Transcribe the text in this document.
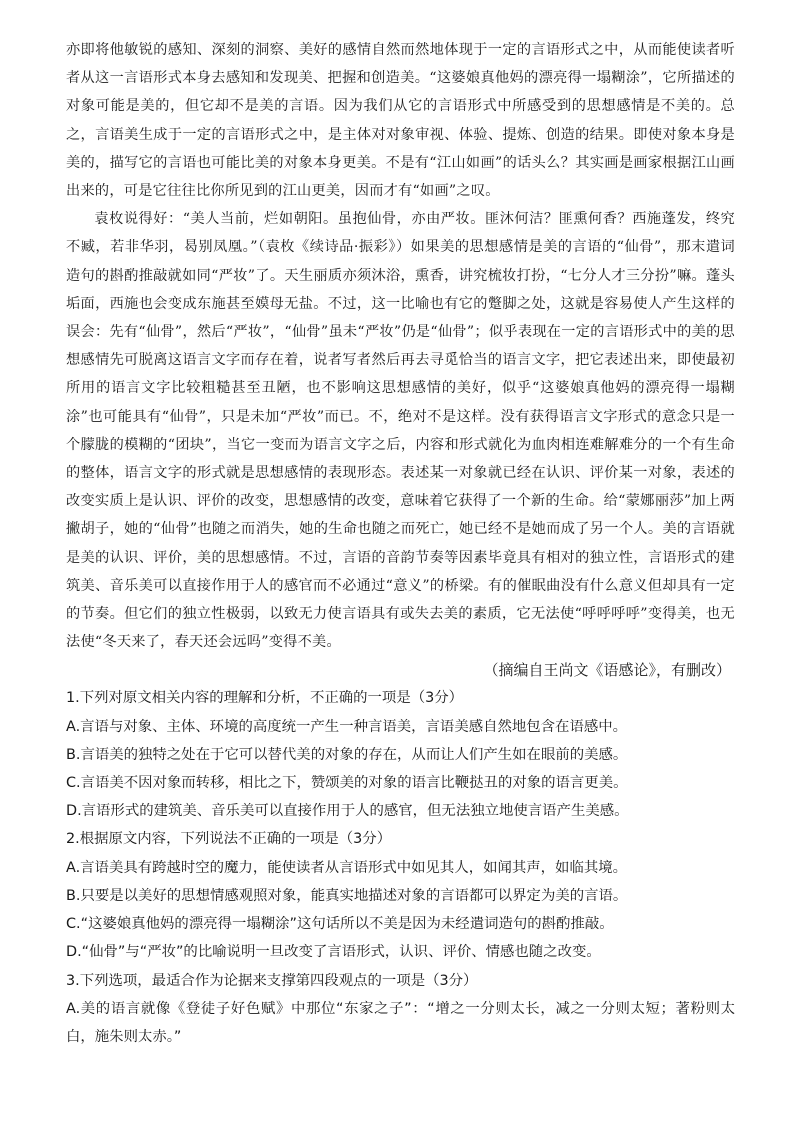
亦即将他敏锐的感知、深刻的洞察、美好的感情自然而然地体现于一定的言语形式之中，从而能使读者听者从这一言语形式本身去感知和发现美、把握和创造美。“这婆娘真他妈的漂亮得一塌糊涂”，它所描述的对象可能是美的，但它却不是美的言语。因为我们从它的言语形式中所感受到的思想感情是不美的。总之，言语美生成于一定的言语形式之中，是主体对对象审视、体验、提炼、创造的结果。即使对象本身是美的，描写它的言语也可能比美的对象本身更美。不是有“江山如画”的话头么？其实画是画家根据江山画出来的，可是它往往比你所见到的江山更美，因而才有“如画”之叹。

袁枚说得好：“美人当前，烂如朝阳。虽抱仙骨，亦由严妆。匪沐何洁？匪熏何香？西施蓬发，终究不臧，若非华羽，曷别凤凰。”（袁枚《续诗品·振彩》）如果美的思想感情是美的言语的“仙骨”，那末遣词造句的斟酌推敲就如同“严妆”了。天生丽质亦须沐浴，熏香，讲究梳妆打扮，“七分人才三分扮”嘛。蓬头垢面，西施也会变成东施甚至嫫母无盐。不过，这一比喻也有它的蹩脚之处，这就是容易使人产生这样的误会：先有“仙骨”，然后“严妆”，“仙骨”虽未“严妆”仍是“仙骨”；似乎表现在一定的言语形式中的美的思想感情先可脱离这语言文字而存在着，说者写者然后再去寻觅恰当的语言文字，把它表述出来，即使最初所用的语言文字比较粗糙甚至丑陋，也不影响这思想感情的美好，似乎“这婆娘真他妈的漂亮得一塌糊涂”也可能具有“仙骨”，只是未加“严妆”而已。不，绝对不是这样。没有获得语言文字形式的意念只是一个朦胧的模糊的“团块”，当它一变而为语言文字之后，内容和形式就化为血肉相连难解难分的一个有生命的整体，语言文字的形式就是思想感情的表现形态。表述某一对象就已经在认识、评价某一对象，表述的改变实质上是认识、评价的改变，思想感情的改变，意味着它获得了一个新的生命。给“蒙娜丽莎”加上两撇胡子，她的“仙骨”也随之而消失，她的生命也随之而死亡，她已经不是她而成了另一个人。美的言语就是美的认识、评价，美的思想感情。不过，言语的音韵节奏等因素毕竟具有相对的独立性，言语形式的建筑美、音乐美可以直接作用于人的感官而不必通过“意义”的桥梁。有的催眠曲没有什么意义但却具有一定的节奏。但它们的独立性极弱，以致无力使言语具有或失去美的素质，它无法使“呼呼呼呼”变得美，也无法使“冬天来了，春天还会远吗”变得不美。

（摘编自王尚文《语感论》，有删改）

1.下列对原文相关内容的理解和分析，不正确的一项是（3分）

A.言语与对象、主体、环境的高度统一产生一种言语美，言语美感自然地包含在语感中。

B.言语美的独特之处在于它可以替代美的对象的存在，从而让人们产生如在眼前的美感。

C.言语美不因对象而转移，相比之下，赞颂美的对象的语言比鞭挞丑的对象的语言更美。

D.言语形式的建筑美、音乐美可以直接作用于人的感官，但无法独立地使言语产生美感。

2.根据原文内容，下列说法不正确的一项是（3分）

A.言语美具有跨越时空的魔力，能使读者从言语形式中如见其人，如闻其声，如临其境。

B.只要是以美好的思想情感观照对象，能真实地描述对象的言语都可以界定为美的言语。

C.“这婆娘真他妈的漂亮得一塌糊涂”这句话所以不美是因为未经遣词造句的斟酌推敲。

D.“仙骨”与“严妆”的比喻说明一旦改变了言语形式，认识、评价、情感也随之改变。

3.下列选项，最适合作为论据来支撑第四段观点的一项是（3分）

A.美的语言就像《登徒子好色赋》中那位“东家之子”：“增之一分则太长，减之一分则太短；著粉则太白，施朱则太赤。”
